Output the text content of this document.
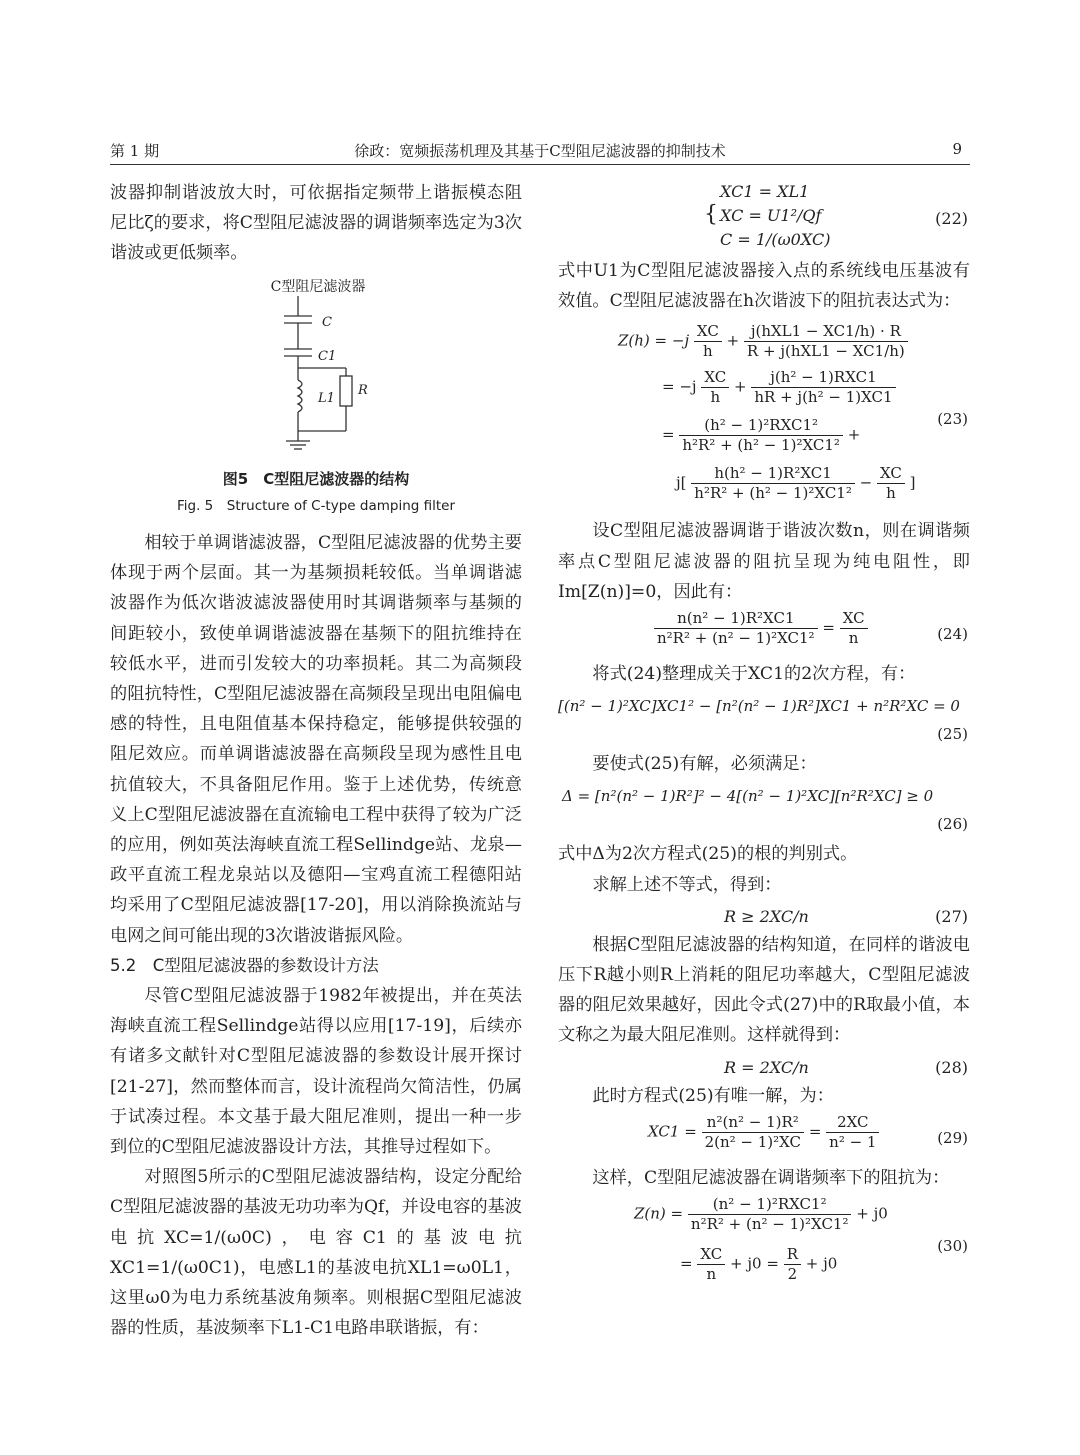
第 1 期	徐政：宽频振荡机理及其基于C型阻尼滤波器的抑制技术	9

波器抑制谐波放大时，可依据指定频带上谐振模态阻尼比ζ的要求，将C型阻尼滤波器的调谐频率选定为3次谐波或更低频率。

C型阻尼滤波器
C
C1
L1
R
图5　C型阻尼滤波器的结构
Fig. 5　Structure of C-type damping filter

相较于单调谐滤波器，C型阻尼滤波器的优势主要体现于两个层面。其一为基频损耗较低。当单调谐滤波器作为低次谐波滤波器使用时其调谐频率与基频的间距较小，致使单调谐滤波器在基频下的阻抗维持在较低水平，进而引发较大的功率损耗。其二为高频段的阻抗特性，C型阻尼滤波器在高频段呈现出电阻偏电感的特性，且电阻值基本保持稳定，能够提供较强的阻尼效应。而单调谐滤波器在高频段呈现为感性且电抗值较大，不具备阻尼作用。鉴于上述优势，传统意义上C型阻尼滤波器在直流输电工程中获得了较为广泛的应用，例如英法海峡直流工程Sellindge站、龙泉—政平直流工程龙泉站以及德阳—宝鸡直流工程德阳站均采用了C型阻尼滤波器[17-20]，用以消除换流站与电网之间可能出现的3次谐波谐振风险。

5.2　C型阻尼滤波器的参数设计方法

尽管C型阻尼滤波器于1982年被提出，并在英法海峡直流工程Sellindge站得以应用[17-19]，后续亦有诸多文献针对C型阻尼滤波器的参数设计展开探讨[21-27]，然而整体而言，设计流程尚欠简洁性，仍属于试凑过程。本文基于最大阻尼准则，提出一种一步到位的C型阻尼滤波器设计方法，其推导过程如下。

对照图5所示的C型阻尼滤波器结构，设定分配给C型阻尼滤波器的基波无功功率为Qf，并设电容的基波电抗XC=1/(ω0C)，电容C1的基波电抗XC1=1/(ω0C1)，电感L1的基波电抗XL1=ω0L1，这里ω0为电力系统基波角频率。则根据C型阻尼滤波器的性质，基波频率下L1-C1电路串联谐振，有：

{
XC1 = XL1
XC = U1²/Qf
C = 1/(ω0XC)
(22)

式中U1为C型阻尼滤波器接入点的系统线电压基波有效值。C型阻尼滤波器在h次谐波下的阻抗表达式为：

$Z(h) = -j \frac{XC}{h} + \frac{\text{j(hXL1 − XC1/h) · R}}{\text{R + j(hXL1 − XC1/h)}}$
= $-j \frac{XC}{h} + \frac{\text{j(h² − 1)RXC1}}{\text{hR + j(h² − 1)XC1}}$
= $\frac{\text{(h² − 1)²RXC1²}}{\text{h²R² + (h² − 1)²XC1²}}$ +
$j[ \frac{\text{h(h² − 1)R²XC1}}{\text{h²R² + (h² − 1)²XC1²}} - \frac{XC}{h}$ ]
(23)

设C型阻尼滤波器调谐于谐波次数n，则在调谐频率点C型阻尼滤波器的阻抗呈现为纯电阻性，即Im[Z(n)]=0，因此有：

$\frac{\text{n(n² − 1)R²XC1}}{\text{n²R² + (n² − 1)²XC1²}} = \frac{XC}{n}$	(24)

将式(24)整理成关于XC1的2次方程，有：

[(n² − 1)²XC]XC1² − [n²(n² − 1)R²]XC1 + n²R²XC = 0
(25)

要使式(25)有解，必须满足：

Δ = [n²(n² − 1)R²]² − 4[(n² − 1)²XC][n²R²XC] ≥ 0
(26)

式中Δ为2次方程式(25)的根的判别式。

求解上述不等式，得到：

R ≥ 2XC/n	(27)

根据C型阻尼滤波器的结构知道，在同样的谐波电压下R越小则R上消耗的阻尼功率越大，C型阻尼滤波器的阻尼效果越好，因此令式(27)中的R取最小值，本文称之为最大阻尼准则。这样就得到：

R = 2XC/n	(28)

此时方程式(25)有唯一解，为：

$XC1 = \frac{\text{n²(n² − 1)R²}}{\text{2(n² − 1)²XC}} = \frac{2XC}{\text{n² − 1}}$	(29)

这样，C型阻尼滤波器在调谐频率下的阻抗为：

$Z(n) = \frac{\text{(n² − 1)²RXC1²}}{\text{n²R² + (n² − 1)²XC1²}} + j0$
= $\frac{XC}{n} + j0 = \frac{R}{2} + j0$
(30)
